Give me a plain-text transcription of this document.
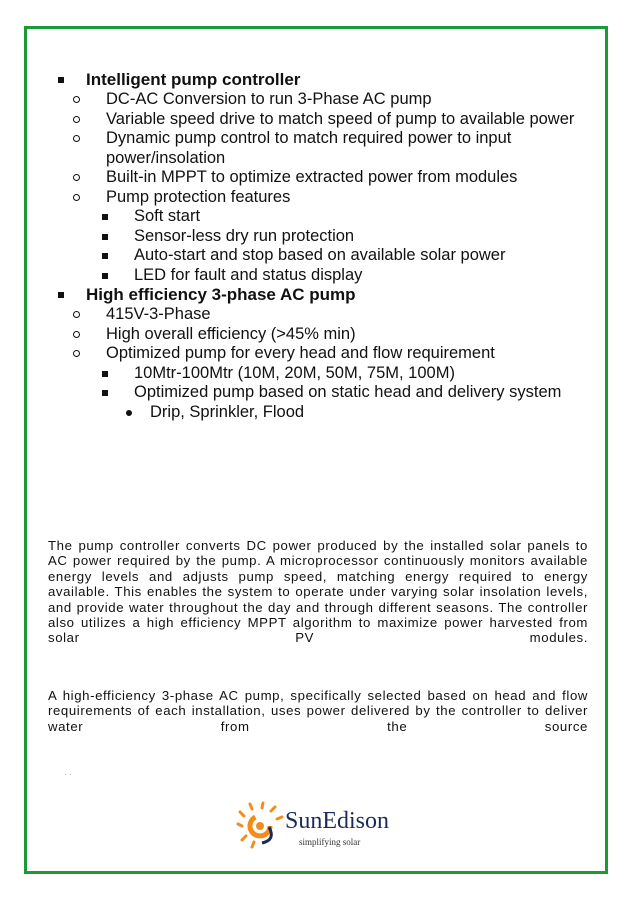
Intelligent pump controller

DC-AC Conversion to run 3-Phase AC pump

Variable speed drive to match speed of pump to available power

Dynamic pump control to match required power to input power/insolation

Built-in MPPT to optimize extracted power from modules

Pump protection features

Soft start

Sensor-less dry run protection

Auto-start and stop based on available solar power

LED for fault and status display

High efficiency 3-phase AC pump

415V-3-Phase

High overall efficiency (>45% min)

Optimized pump for every head and flow requirement

10Mtr-100Mtr (10M, 20M, 50M, 75M, 100M)

Optimized pump based on static head and delivery system

Drip, Sprinkler, Flood

The pump controller converts DC power produced by the installed solar panels to AC power required by the pump. A microprocessor continuously monitors available energy levels and adjusts pump speed, matching energy required to energy available. This enables the system to operate under varying solar insolation levels, and provide water throughout the day and through different seasons. The controller also utilizes a high efficiency MPPT algorithm to maximize power harvested from solar PV modules.

A high-efficiency 3-phase AC pump, specifically selected based on head and flow requirements of each installation, uses power delivered by the controller to deliver water from the source

· ·
SunEdison
simplifying solar
